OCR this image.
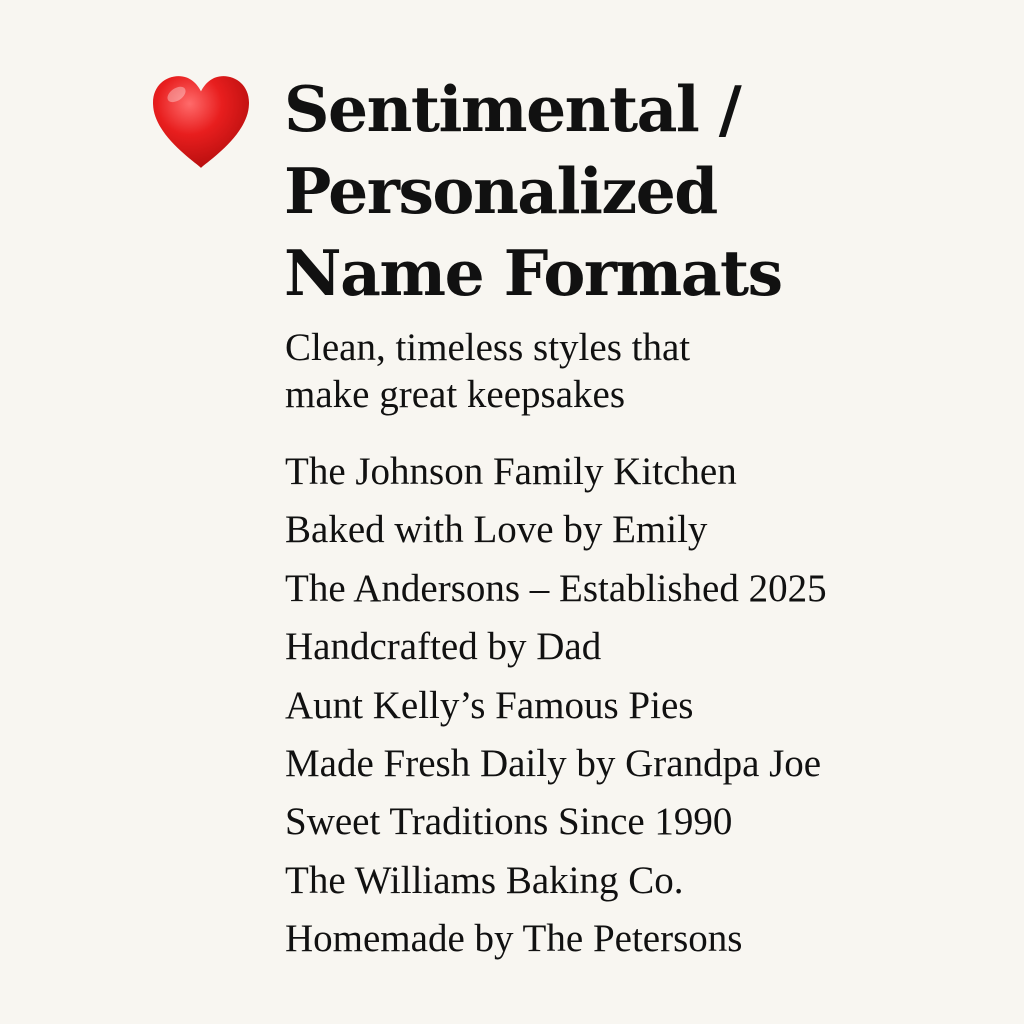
Sentimental /
Personalized
Name Formats

Clean, timeless styles that
make great keepsakes

The Johnson Family Kitchen
Baked with Love by Emily
The Andersons – Established 2025
Handcrafted by Dad
Aunt Kelly’s Famous Pies
Made Fresh Daily by Grandpa Joe
Sweet Traditions Since 1990
The Williams Baking Co.
Homemade by The Petersons
